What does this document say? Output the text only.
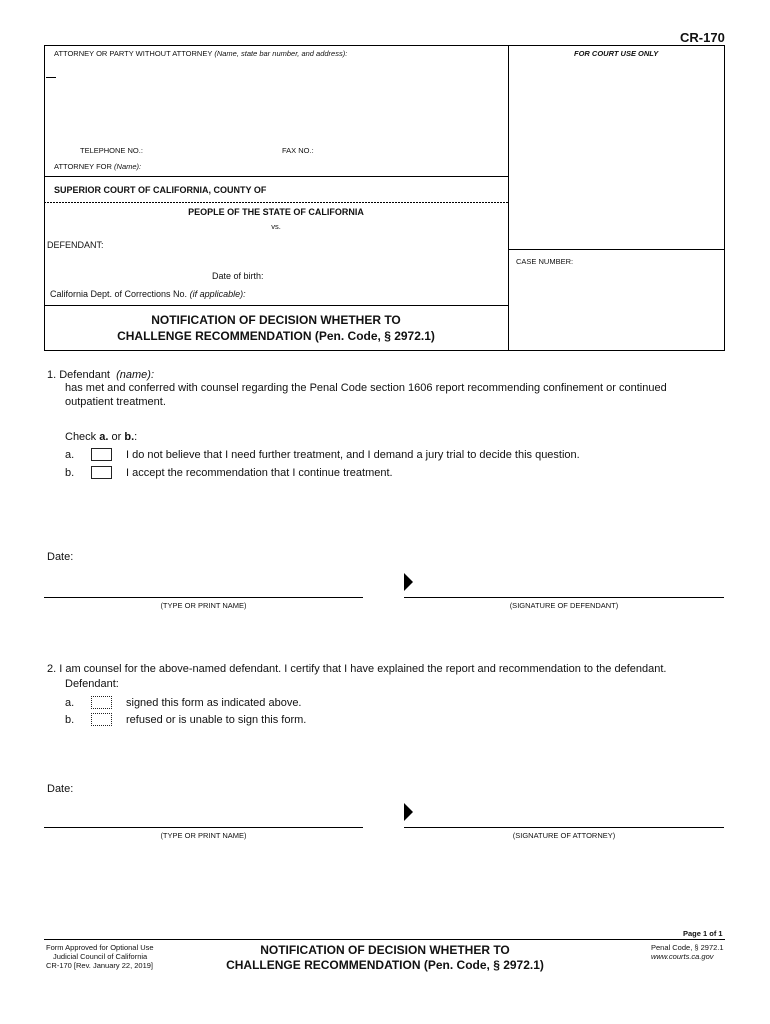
CR-170
ATTORNEY OR PARTY WITHOUT ATTORNEY (Name, state bar number, and address):	FOR COURT USE ONLY
TELEPHONE NO.:	FAX NO.:
ATTORNEY FOR (Name):
SUPERIOR COURT OF CALIFORNIA, COUNTY OF
PEOPLE OF THE STATE OF CALIFORNIA
vs.
DEFENDANT:
CASE NUMBER:
Date of birth:
California Dept. of Corrections No. (if applicable):
NOTIFICATION OF DECISION WHETHER TO
CHALLENGE RECOMMENDATION (Pen. Code, § 2972.1)
1. Defendant (name):
has met and conferred with counsel regarding the Penal Code section 1606 report recommending confinement or continued
outpatient treatment.
Check a. or b.:
a.	I do not believe that I need further treatment, and I demand a jury trial to decide this question.
b.	I accept the recommendation that I continue treatment.
Date:
(TYPE OR PRINT NAME)	(SIGNATURE OF DEFENDANT)
2. I am counsel for the above-named defendant. I certify that I have explained the report and recommendation to the defendant.
Defendant:
a.	signed this form as indicated above.
b.	refused or is unable to sign this form.
Date:
(TYPE OR PRINT NAME)	(SIGNATURE OF ATTORNEY)
Page 1 of 1
Form Approved for Optional Use
Judicial Council of California
CR-170 [Rev. January 22, 2019]
NOTIFICATION OF DECISION WHETHER TO
CHALLENGE RECOMMENDATION (Pen. Code, § 2972.1)
Penal Code, § 2972.1
www.courts.ca.gov
